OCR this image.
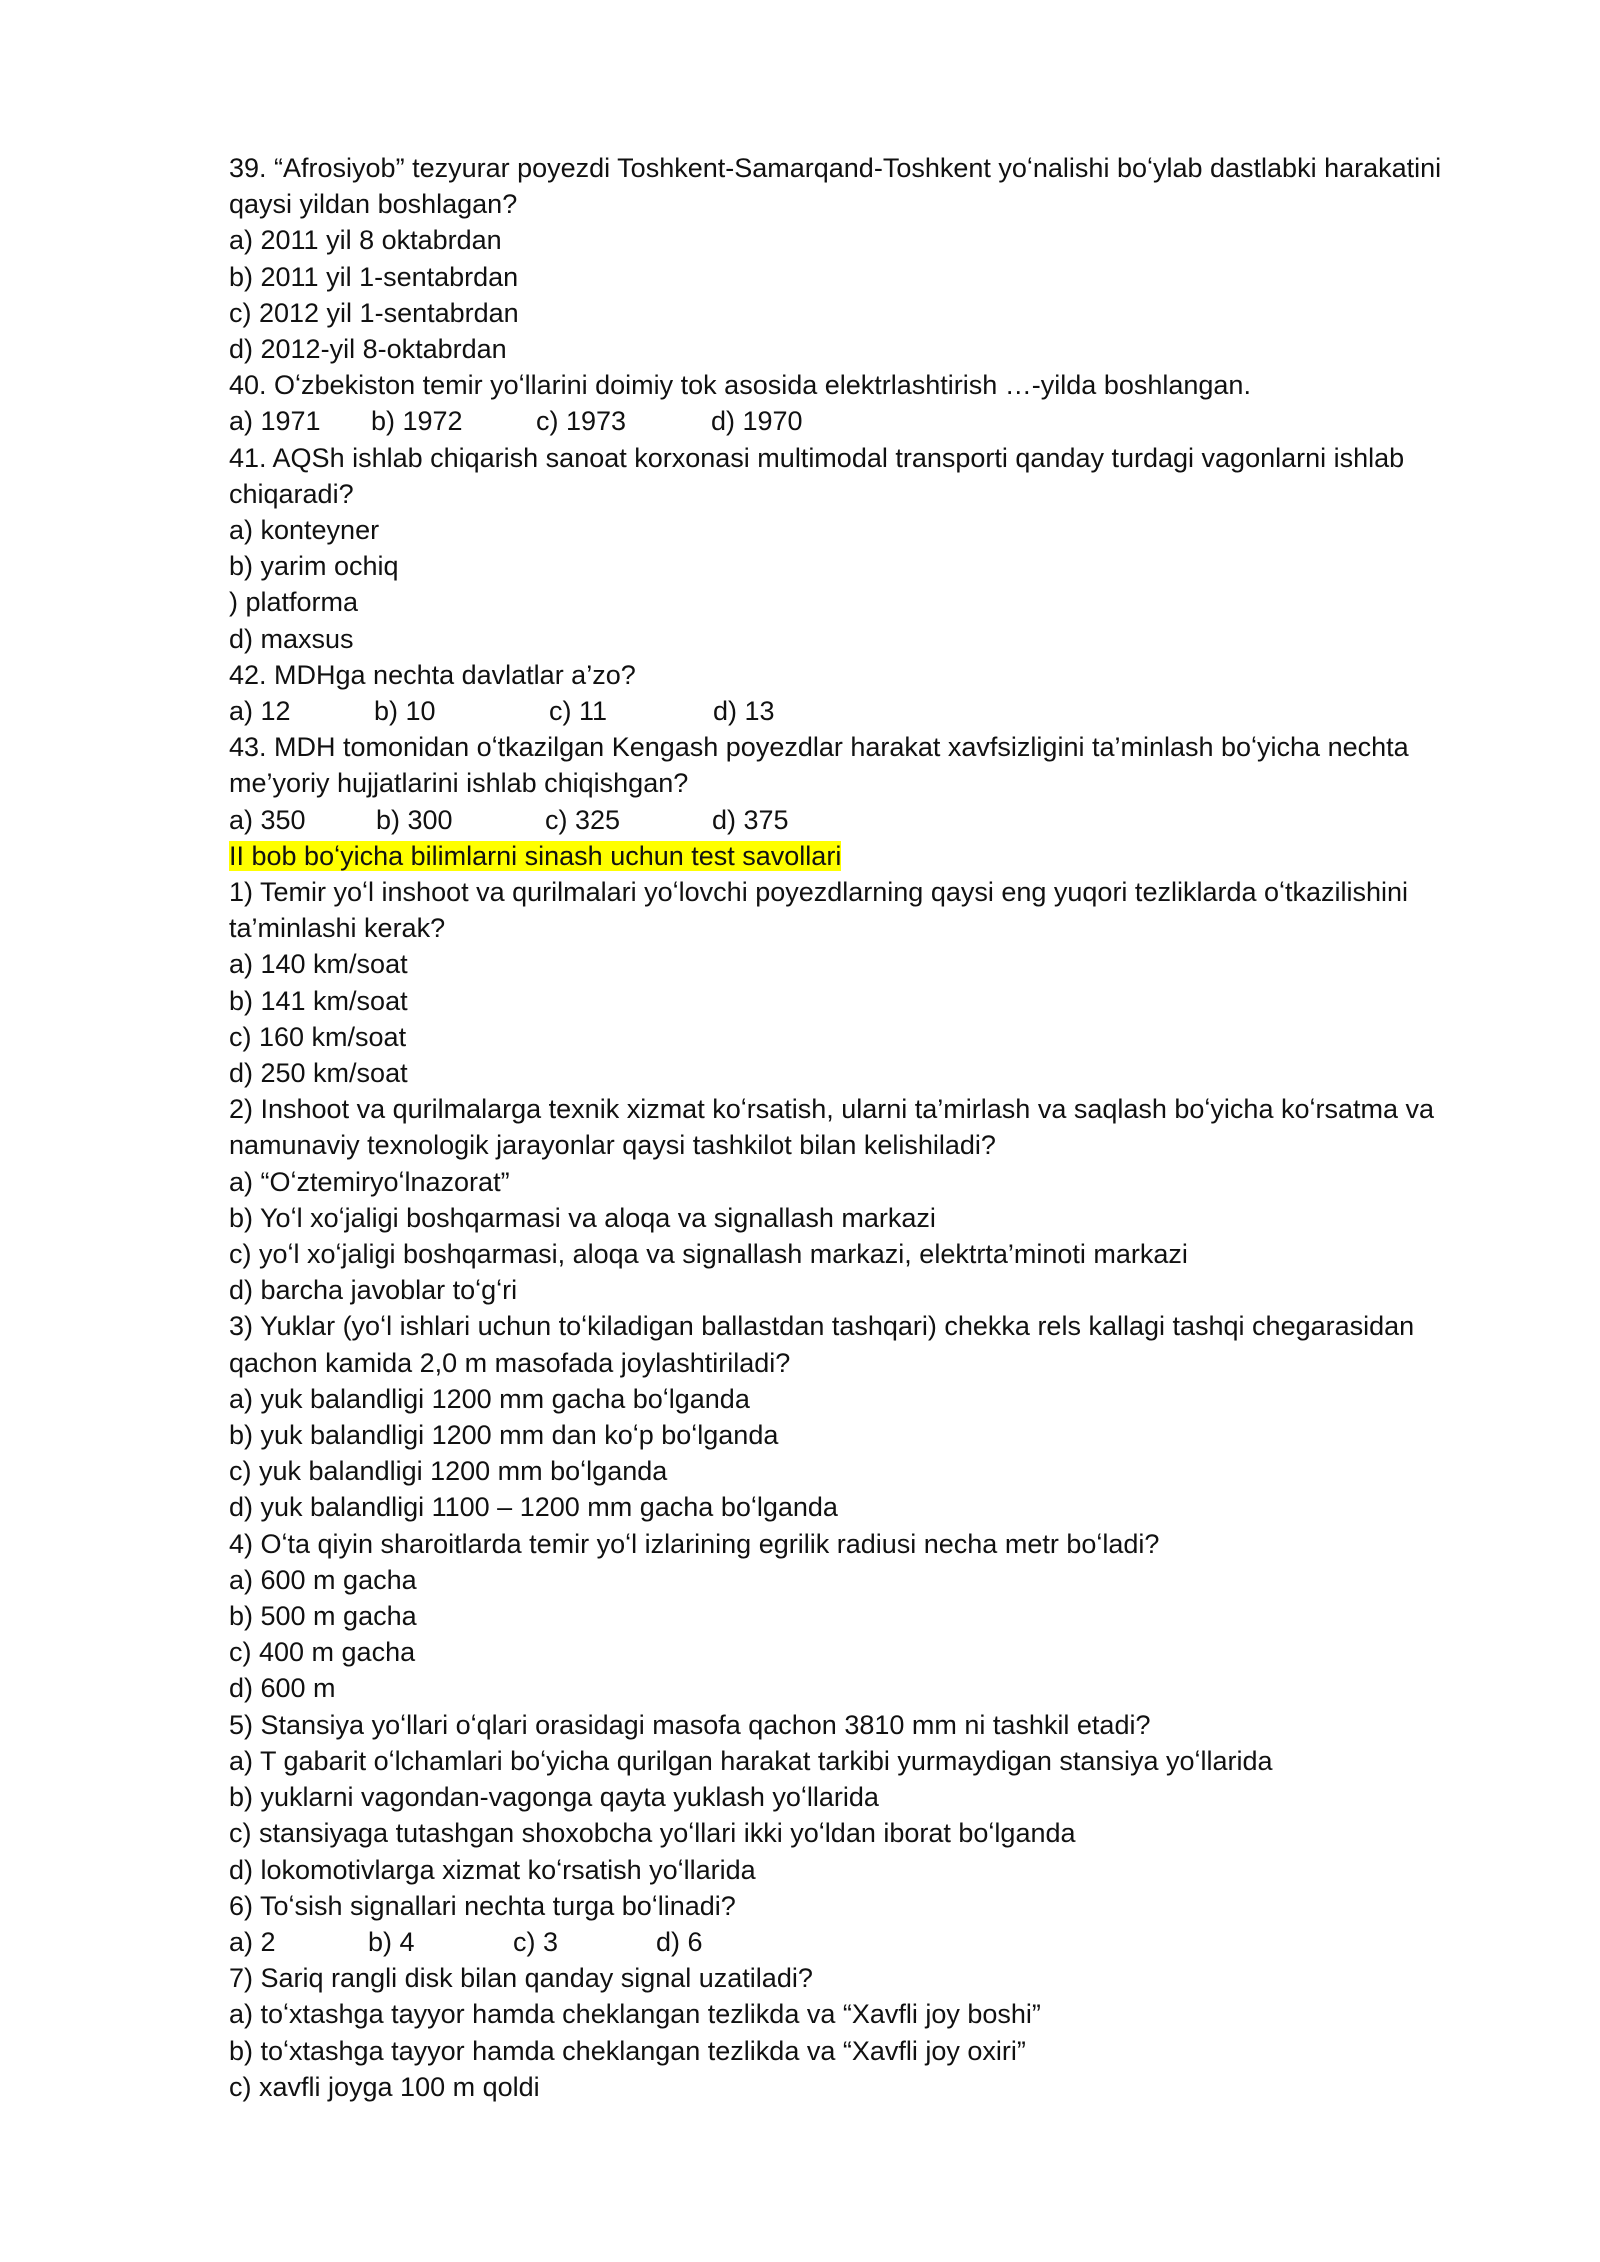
39. “Afrosiyob” tezyurar poyezdi Toshkent-Samarqand-Toshkent yoʻnalishi boʻylab dastlabki harakatini
qaysi yildan boshlagan?
a) 2011 yil 8 oktabrdan
b) 2011 yil 1-sentabrdan
c) 2012 yil 1-sentabrdan
d) 2012-yil 8-oktabrdan
40. Oʻzbekiston temir yoʻllarini doimiy tok asosida elektrlashtirish …-yilda boshlangan.
a) 1971 b) 1972	c) 1973	d) 1970
41. AQSh ishlab chiqarish sanoat korxonasi multimodal transporti qanday turdagi vagonlarni ishlab
chiqaradi?
a) konteyner
b) yarim ochiq
) platforma
d) maxsus
42. MDHga nechta davlatlar a’zo?
a) 12	b) 10	c) 11	d) 13
43. MDH tomonidan oʻtkazilgan Kengash poyezdlar harakat xavfsizligini ta’minlash boʻyicha nechta
me’yoriy hujjatlarini ishlab chiqishgan?
a) 350	b) 300	c) 325	d) 375
II bob boʻyicha bilimlarni sinash uchun test savollari
1) Temir yoʻl inshoot va qurilmalari yoʻlovchi poyezdlarning qaysi eng yuqori tezliklarda oʻtkazilishini
ta’minlashi kerak?
a) 140 km/soat
b) 141 km/soat
c) 160 km/soat
d) 250 km/soat
2) Inshoot va qurilmalarga texnik xizmat koʻrsatish, ularni ta’mirlash va saqlash boʻyicha koʻrsatma va
namunaviy texnologik jarayonlar qaysi tashkilot bilan kelishiladi?
a) “Oʻztemiryoʻlnazorat”
b) Yoʻl xoʻjaligi boshqarmasi va aloqa va signallash markazi
c) yoʻl xoʻjaligi boshqarmasi, aloqa va signallash markazi, elektrta’minoti markazi
d) barcha javoblar toʻgʻri
3) Yuklar (yoʻl ishlari uchun toʻkiladigan ballastdan tashqari) chekka rels kallagi tashqi chegarasidan
qachon kamida 2,0 m masofada joylashtiriladi?
a) yuk balandligi 1200 mm gacha boʻlganda
b) yuk balandligi 1200 mm dan koʻp boʻlganda
c) yuk balandligi 1200 mm boʻlganda
d) yuk balandligi 1100 – 1200 mm gacha boʻlganda
4) Oʻta qiyin sharoitlarda temir yoʻl izlarining egrilik radiusi necha metr boʻladi?
a) 600 m gacha
b) 500 m gacha
c) 400 m gacha
d) 600 m
5) Stansiya yoʻllari oʻqlari orasidagi masofa qachon 3810 mm ni tashkil etadi?
a) T gabarit oʻlchamlari boʻyicha qurilgan harakat tarkibi yurmaydigan stansiya yoʻllarida
b) yuklarni vagondan-vagonga qayta yuklash yoʻllarida
c) stansiyaga tutashgan shoxobcha yoʻllari ikki yoʻldan iborat boʻlganda
d) lokomotivlarga xizmat koʻrsatish yoʻllarida
6) Toʻsish signallari nechta turga boʻlinadi?
a) 2	b) 4	c) 3	d) 6
7) Sariq rangli disk bilan qanday signal uzatiladi?
a) toʻxtashga tayyor hamda cheklangan tezlikda va “Xavfli joy boshi”
b) toʻxtashga tayyor hamda cheklangan tezlikda va “Xavfli joy oxiri”
c) xavfli joyga 100 m qoldi
